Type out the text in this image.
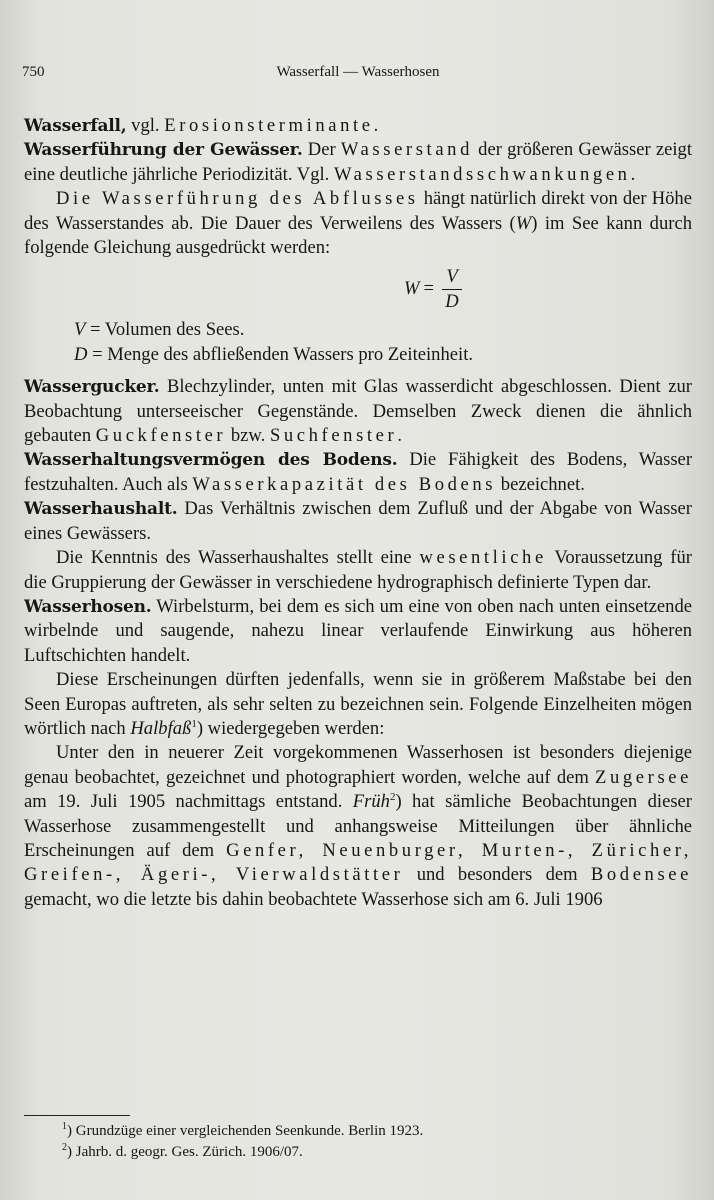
750	Wasserfall — Wasserhosen

Wasserfall, vgl. Erosionsterminante.

Wasserführung der Gewässer. Der Wasserstand der größeren Gewässer zeigt eine deutliche jährliche Periodizität. Vgl. Wasserstandsschwankungen.

Die Wasserführung des Abflusses hängt natürlich direkt von der Höhe des Wasserstandes ab. Die Dauer des Verweilens des Wassers (W) im See kann durch folgende Gleichung ausgedrückt werden:

$W = \frac{V}{D}$

V = Volumen des Sees.

D = Menge des abfließenden Wassers pro Zeiteinheit.

Wassergucker. Blechzylinder, unten mit Glas wasserdicht abgeschlossen. Dient zur Beobachtung unterseeischer Gegenstände. Demselben Zweck dienen die ähnlich gebauten Guckfenster bzw. Suchfenster.

Wasserhaltungsvermögen des Bodens. Die Fähigkeit des Bodens, Wasser festzuhalten. Auch als Wasserkapazität des Bodens bezeichnet.

Wasserhaushalt. Das Verhältnis zwischen dem Zufluß und der Abgabe von Wasser eines Gewässers.

Die Kenntnis des Wasserhaushaltes stellt eine wesentliche Voraussetzung für die Gruppierung der Gewässer in verschiedene hydrographisch definierte Typen dar.

Wasserhosen. Wirbelsturm, bei dem es sich um eine von oben nach unten einsetzende wirbelnde und saugende, nahezu linear verlaufende Einwirkung aus höheren Luftschichten handelt.

Diese Erscheinungen dürften jedenfalls, wenn sie in größerem Maßstabe bei den Seen Europas auftreten, als sehr selten zu bezeichnen sein. Folgende Einzelheiten mögen wörtlich nach Halbfaß$^1$) wiedergegeben werden:

Unter den in neuerer Zeit vorgekommenen Wasserhosen ist besonders diejenige genau beobachtet, gezeichnet und photographiert worden, welche auf dem Zugersee am 19. Juli 1905 nachmittags entstand. Früh$^2$) hat sämliche Beobachtungen dieser Wasserhose zusammengestellt und anhangsweise Mitteilungen über ähnliche Erscheinungen auf dem Genfer, Neuenburger, Murten-, Züricher, Greifen-, Ägeri-, Vierwaldstätter und besonders dem Bodensee gemacht, wo die letzte bis dahin beobachtete Wasserhose sich am 6. Juli 1906

$^1$) Grundzüge einer vergleichenden Seenkunde. Berlin 1923.
$^2$) Jahrb. d. geogr. Ges. Zürich. 1906/07.
